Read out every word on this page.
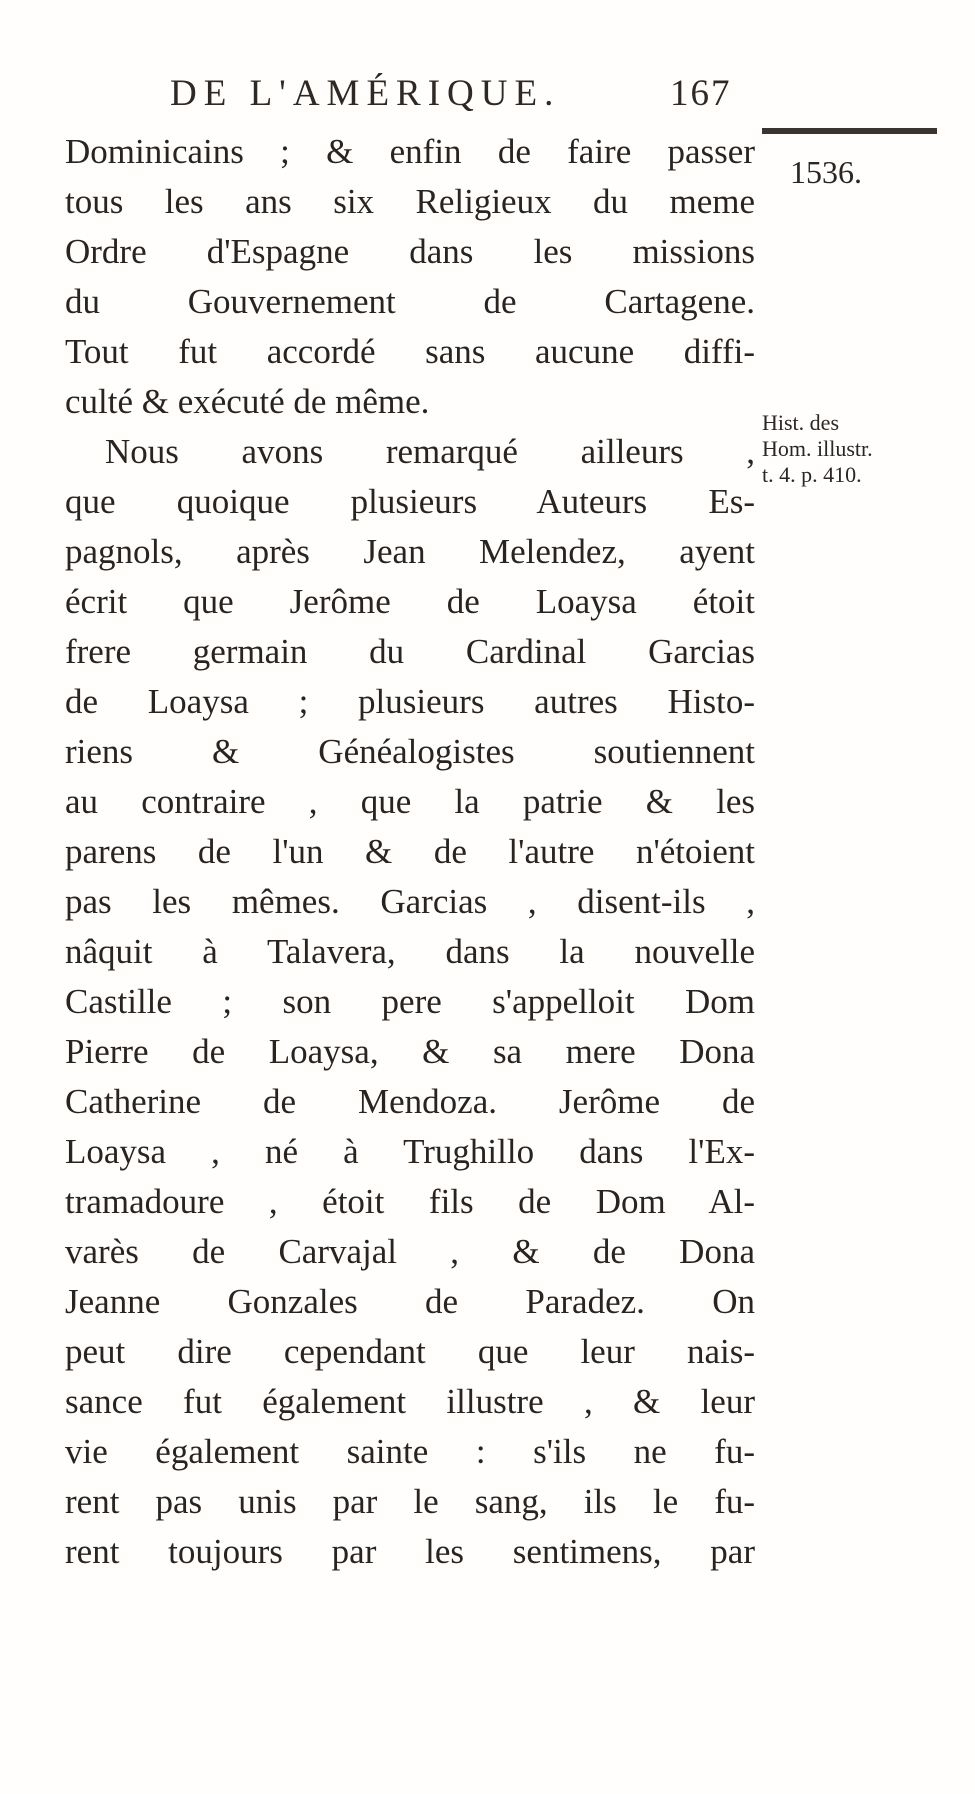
DE L'AMÉRIQUE.	167
1536.
Hist. des
Hom. illustr.
t. 4. p. 410.
Dominicains ; & enfin de faire passer
tous les ans six Religieux du meme
Ordre d'Espagne dans les missions
du Gouvernement de Cartagene.
Tout fut accordé sans aucune diffi-
culté & exécuté de même.
Nous avons remarqué ailleurs ,
que quoique plusieurs Auteurs Es-
pagnols, après Jean Melendez, ayent
écrit que Jerôme de Loaysa étoit
frere germain du Cardinal Garcias
de Loaysa ; plusieurs autres Histo-
riens & Généalogistes soutiennent
au contraire , que la patrie & les
parens de l'un & de l'autre n'étoient
pas les mêmes. Garcias , disent-ils ,
nâquit à Talavera, dans la nouvelle
Castille ; son pere s'appelloit Dom
Pierre de Loaysa, & sa mere Dona
Catherine de Mendoza. Jerôme de
Loaysa , né à Trughillo dans l'Ex-
tramadoure , étoit fils de Dom Al-
varès de Carvajal , & de Dona
Jeanne Gonzales de Paradez. On
peut dire cependant que leur nais-
sance fut également illustre , & leur
vie également sainte : s'ils ne fu-
rent pas unis par le sang, ils le fu-
rent toujours par les sentimens, par
